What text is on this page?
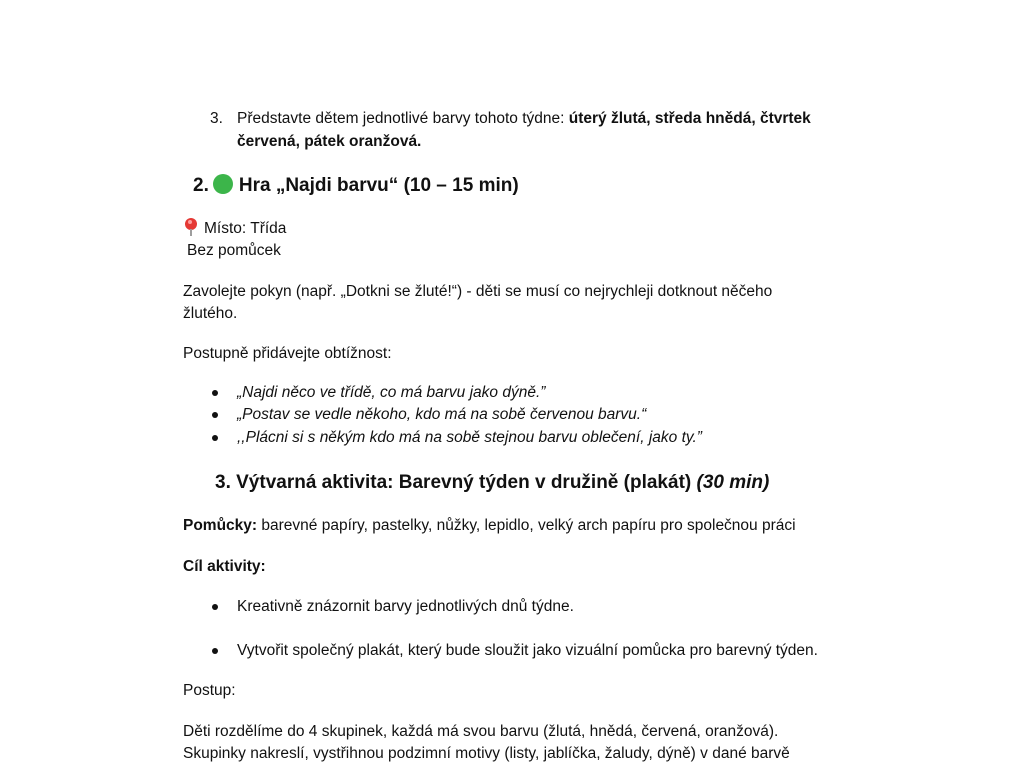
3. Představte dětem jednotlivé barvy tohoto týdne: úterý žlutá, středa hnědá, čtvrtek
červená, pátek oranžová.
2. Hra „Najdi barvu“ (10 – 15 min)
Místo: Třída
Bez pomůcek
Zavolejte pokyn (např. „Dotkni se žluté!“) - děti se musí co nejrychleji dotknout něčeho
žlutého.
Postupně přidávejte obtížnost:
„Najdi něco ve třídě, co má barvu jako dýně.”
„Postav se vedle někoho, kdo má na sobě červenou barvu.“
,,Plácni si s někým kdo má na sobě stejnou barvu oblečení, jako ty.”
3. Výtvarná aktivita: Barevný týden v družině (plakát) (30 min)
Pomůcky: barevné papíry, pastelky, nůžky, lepidlo, velký arch papíru pro společnou práci
Cíl aktivity:
Kreativně znázornit barvy jednotlivých dnů týdne.
Vytvořit společný plakát, který bude sloužit jako vizuální pomůcka pro barevný týden.
Postup:
Děti rozdělíme do 4 skupinek, každá má svou barvu (žlutá, hnědá, červená, oranžová).
Skupinky nakreslí, vystřihnou podzimní motivy (listy, jablíčka, žaludy, dýně) v dané barvě
